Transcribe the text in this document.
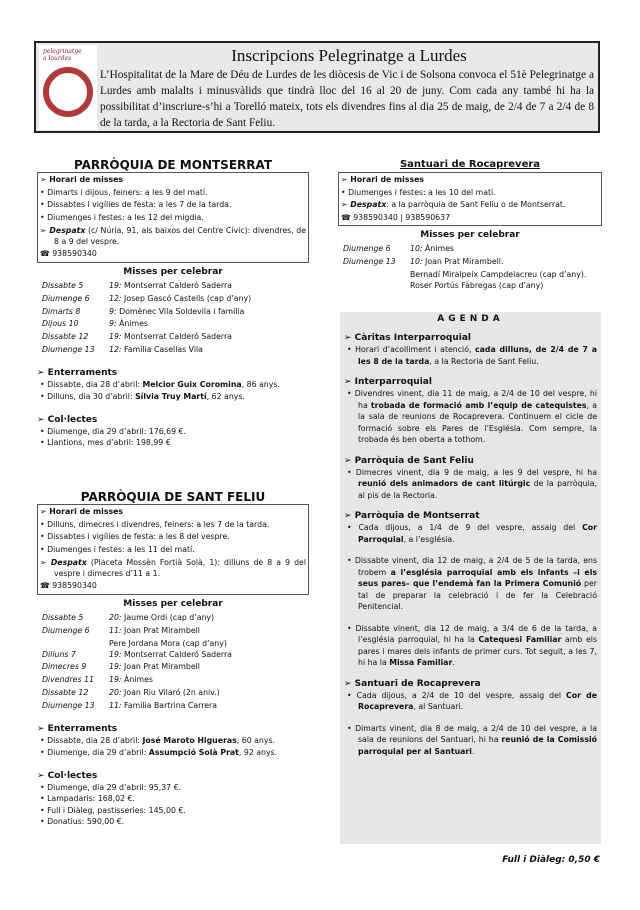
pelegrinatge
a lourdes	Inscripcions Pelegrinatge a Lurdes
L’Hospitalitat de la Mare de Déu de Lurdes de les diòcesis de Vic i de Solsona convoca el 51è Pelegrinatge a Lurdes amb malalts i minusvàlids que tindrà lloc del 16 al 20 de juny. Com cada any també hi ha la possibilitat d’inscriure-s’hi a Torelló mateix, tots els divendres fins al dia 25 de maig, de 2/4 de 7 a 2/4 de 8 de la tarda, a la Rectoria de Sant Feliu.
PARRÒQUIA DE MONTSERRAT
➢ Horari de misses
• Dimarts i dijous, feiners: a les 9 del matí.
• Dissabtes i vigílies de festa: a les 7 de la tarda.
• Diumenges i festes: a les 12 del migdia.
➢ Despatx (c/ Núria, 91, als baixos del Centre Cívic): divendres, de 8 a 9 del vespre.
☎ 938590340
Misses per celebrar
Dissabte 5	19: Montserrat Calderó Saderra
Diumenge 6	12: Josep Gascó Castells (cap d’any)
Dimarts 8	9: Domènec Vila Soldevila i família
Dijous 10	9: Ànimes
Dissabte 12	19: Montserrat Calderó Saderra
Diumenge 13	12: Família Casellas Vila
➢ Enterraments
• Dissabte, dia 28 d’abril: Melcior Guix Coromina, 86 anys.
• Dilluns, dia 30 d’abril: Sílvia Truy Martí, 62 anys.
➢ Col·lectes
• Diumenge, dia 29 d’abril: 176,69 €.
• Llantions, mes d’abril: 198,99 €
PARRÒQUIA DE SANT FELIU
➢ Horari de misses
• Dilluns, dimecres i divendres, feiners: a les 7 de la tarda.
• Dissabtes i vigílies de festa: a les 8 del vespre.
• Diumenges i festes: a les 11 del matí.
➢ Despatx (Placeta Mossèn Fortià Solà, 1): dilluns de 8 a 9 del vespre i dimecres d’11 a 1.
☎ 938590340
Misses per celebrar
Dissabte 5	20: Jaume Ordi (cap d’any)
Diumenge 6	11: Joan Prat Mirambell
Pere Jordana Mora (cap d’any)

Dilluns 7	19: Montserrat Calderó Saderra
Dimecres 9	19: Joan Prat Mirambell
Divendres 11	19: Ànimes
Dissabte 12	20: Joan Riu Vilaró (2n aniv.)
Diumenge 13	11: Família Bartrina Carrera
➢ Enterraments
• Dissabte, dia 28 d’abril: José Maroto Higueras, 60 anys.
• Diumenge, dia 29 d’abril: Assumpció Solà Prat, 92 anys.
➢ Col·lectes
• Diumenge, dia 29 d’abril: 95,37 €.
• Lampadaris: 168,02 €.
• Full i Diàleg, pastisseries: 145,00 €.
• Donatius: 590,00 €.
Santuari de Rocaprevera
➢ Horari de misses
• Diumenges i festes: a les 10 del matí.
➢ Despatx: a la parròquia de Sant Feliu o de Montserrat.
☎ 938590340 | 938590637
Misses per celebrar
Diumenge 6	10: Ànimes
Diumenge 13	10: Joan Prat Mirambell.
Bernadí Miralpeix Campdelacreu (cap d’any).
Roser Portús Fàbregas (cap d’any)
AGENDA
➢ Càritas Interparroquial
• Horari d’acolliment i atenció, cada dilluns, de 2/4 de 7 a les 8 de la tarda, a la Rectoria de Sant Feliu.
➢ Interparroquial
• Divendres vinent, dia 11 de maig, a 2/4 de 10 del vespre, hi ha trobada de formació amb l’equip de catequistes, a la sala de reunions de Rocaprevera. Continuem el cicle de formació sobre els Pares de l’Església. Com sempre, la trobada és ben oberta a tothom.
➢ Parròquia de Sant Feliu
• Dimecres vinent, dia 9 de maig, a les 9 del vespre, hi ha reunió dels animadors de cant litúrgic de la parròquia, al pis de la Rectoria.
➢ Parròquia de Montserrat
• Cada dijous, a 1/4 de 9 del vespre, assaig del Cor Parroquial, a l’església.
• Dissabte vinent, dia 12 de maig, a 2/4 de 5 de la tarda, ens trobem a l’església parroquial amb els infants –i els seus pares– que l’endemà fan la Primera Comunió per tal de preparar la celebració i de fer la Celebració Penitencial.
• Dissabte vinent, dia 12 de maig, a 3/4 de 6 de la tarda, a l’església parroquial, hi ha la Catequesi Familiar amb els pares i mares dels infants de primer curs. Tot seguit, a les 7, hi ha la Missa Familiar.
➢ Santuari de Rocaprevera
• Cada dijous, a 2/4 de 10 del vespre, assaig del Cor de Rocaprevera, al Santuari.
• Dimarts vinent, dia 8 de maig, a 2/4 de 10 del vespre, a la sala de reunions del Santuari, hi ha reunió de la Comissió parroquial per al Santuari.
Full i Diàleg: 0,50 €
